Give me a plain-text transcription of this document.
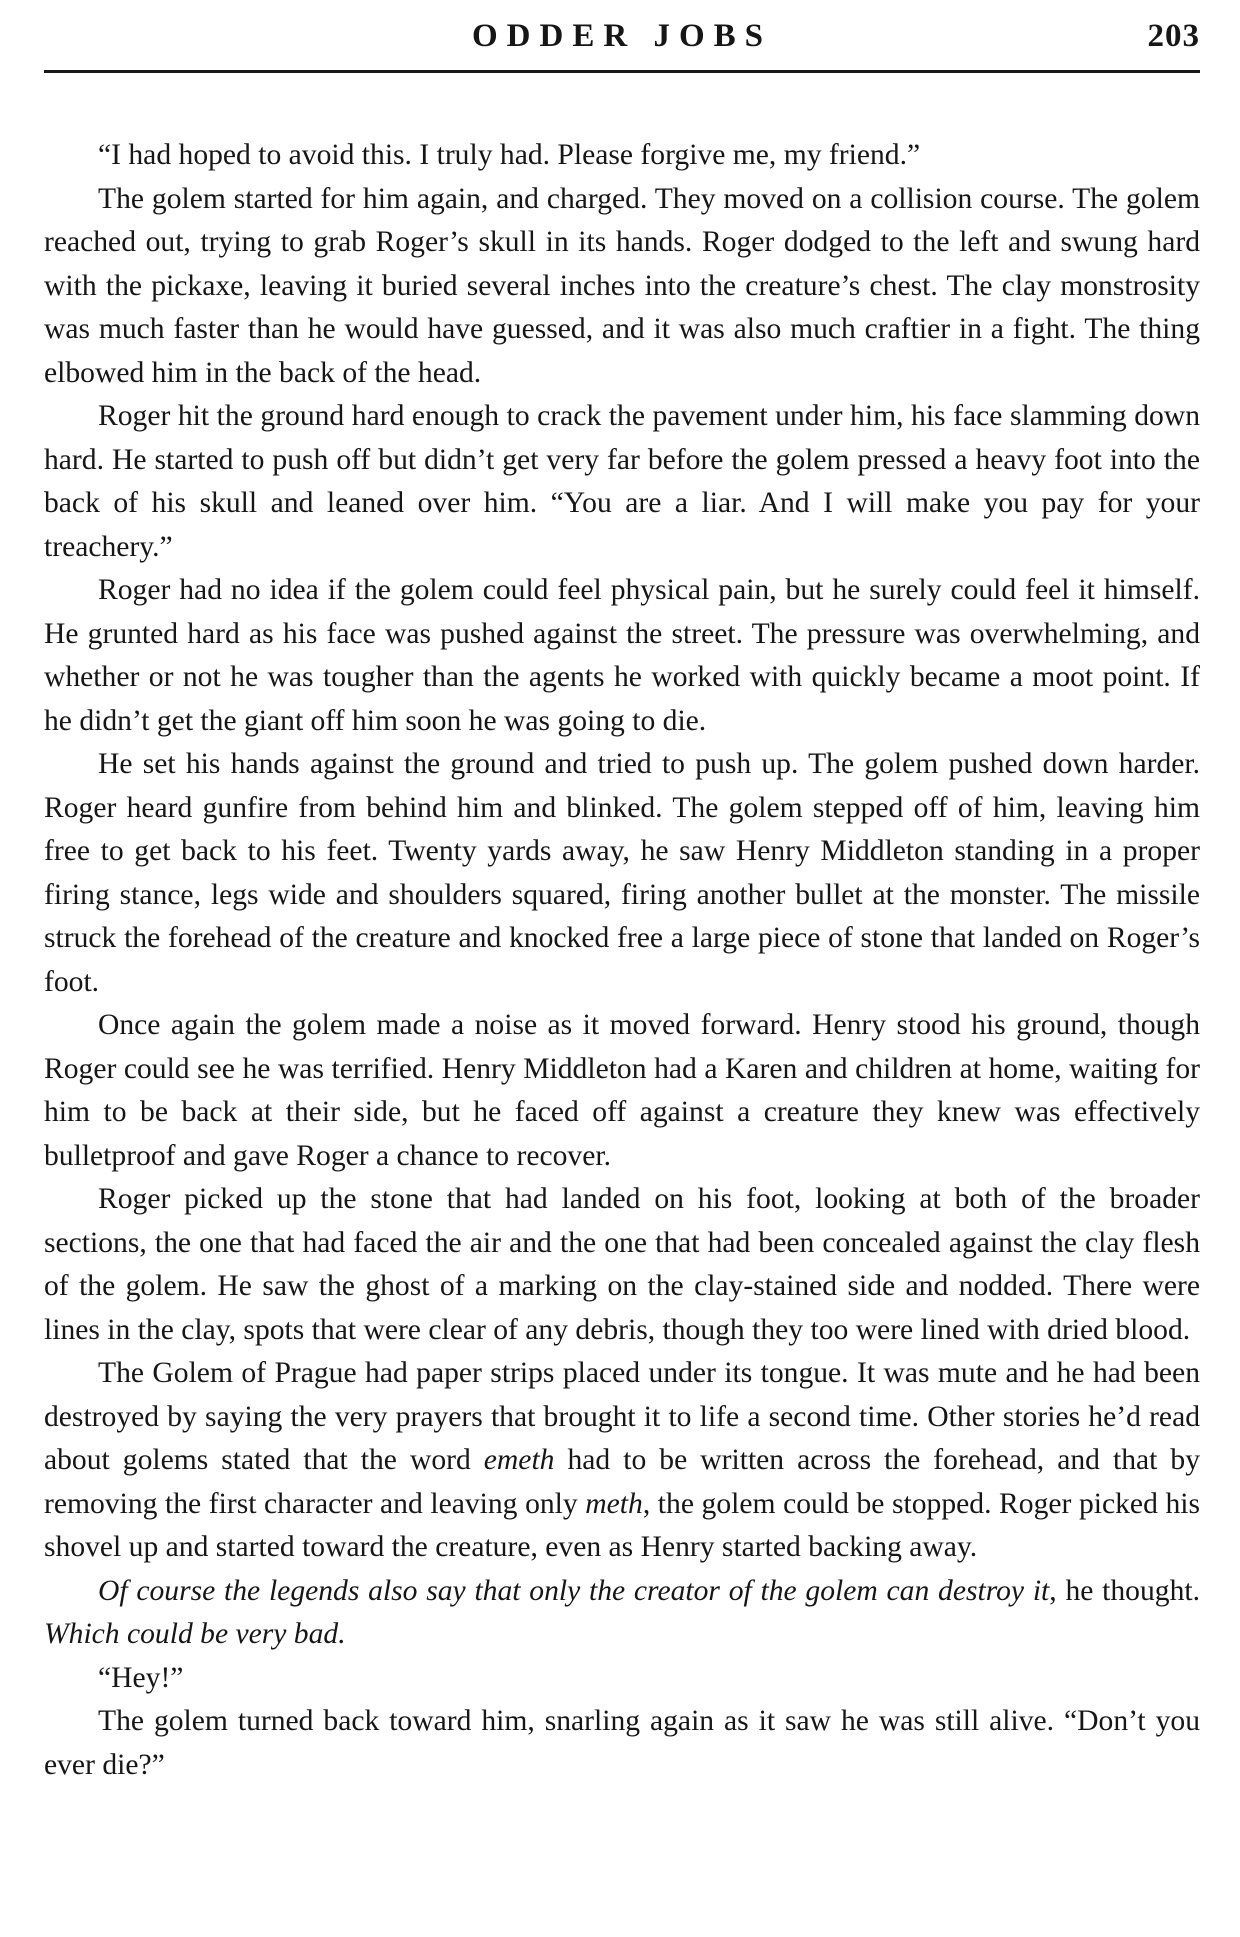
ODDER JOBS	203

“I had hoped to avoid this. I truly had. Please forgive me, my friend.”

The golem started for him again, and charged. They moved on a collision course. The golem reached out, trying to grab Roger’s skull in its hands. Roger dodged to the left and swung hard with the pickaxe, leaving it buried several inches into the creature’s chest. The clay monstrosity was much faster than he would have guessed, and it was also much craftier in a fight. The thing elbowed him in the back of the head.

Roger hit the ground hard enough to crack the pavement under him, his face slamming down hard. He started to push off but didn’t get very far before the golem pressed a heavy foot into the back of his skull and leaned over him. “You are a liar. And I will make you pay for your treachery.”

Roger had no idea if the golem could feel physical pain, but he surely could feel it himself. He grunted hard as his face was pushed against the street. The pressure was overwhelming, and whether or not he was tougher than the agents he worked with quickly became a moot point. If he didn’t get the giant off him soon he was going to die.

He set his hands against the ground and tried to push up. The golem pushed down harder. Roger heard gunfire from behind him and blinked. The golem stepped off of him, leaving him free to get back to his feet. Twenty yards away, he saw Henry Middleton standing in a proper firing stance, legs wide and shoulders squared, firing another bullet at the monster. The missile struck the forehead of the creature and knocked free a large piece of stone that landed on Roger’s foot.

Once again the golem made a noise as it moved forward. Henry stood his ground, though Roger could see he was terrified. Henry Middleton had a Karen and children at home, waiting for him to be back at their side, but he faced off against a creature they knew was effectively bulletproof and gave Roger a chance to recover.

Roger picked up the stone that had landed on his foot, looking at both of the broader sections, the one that had faced the air and the one that had been concealed against the clay flesh of the golem. He saw the ghost of a marking on the clay-stained side and nodded. There were lines in the clay, spots that were clear of any debris, though they too were lined with dried blood.

The Golem of Prague had paper strips placed under its tongue. It was mute and he had been destroyed by saying the very prayers that brought it to life a second time. Other stories he’d read about golems stated that the word emeth had to be written across the forehead, and that by removing the first character and leaving only meth, the golem could be stopped. Roger picked his shovel up and started toward the creature, even as Henry started backing away.

Of course the legends also say that only the creator of the golem can destroy it, he thought. Which could be very bad.

“Hey!”

The golem turned back toward him, snarling again as it saw he was still alive. “Don’t you ever die?”
